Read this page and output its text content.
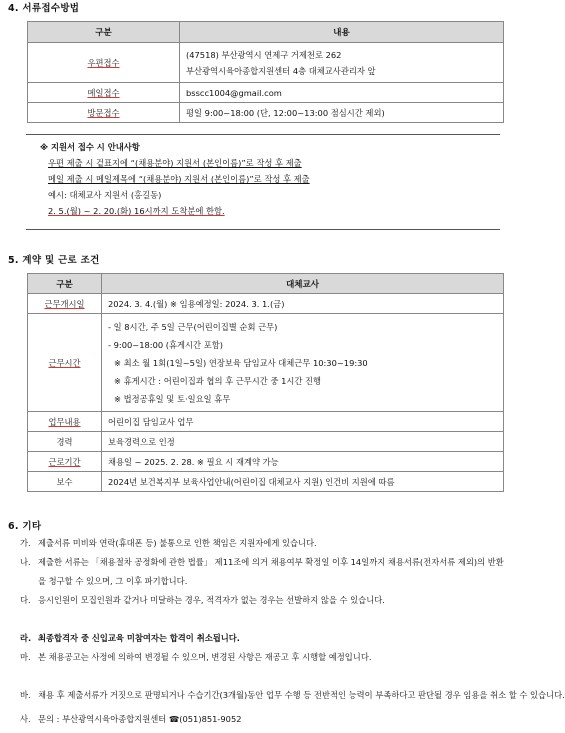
4. 서류접수방법
구분	내용
우편접수	(47518) 부산광역시 연제구 거제천로 262
부산광역시육아종합지원센터 4층 대체교사관리자 앞

메일접수	bsscc1004@gmail.com
방문접수	평일 9:00~18:00 (단, 12:00~13:00 점심시간 제외)
※ 지원서 접수 시 안내사항
우편 제출 시 겉표지에 “(채용분야) 지원서 (본인이름)”로 작성 후 제출
메일 제출 시 메일제목에 “(채용분야) 지원서 (본인이름)”로 작성 후 제출
예시: 대체교사 지원서 (홍길동)
2. 5.(월) ~ 2. 20.(화) 16시까지 도착분에 한함.
5. 계약 및 근로 조건
구분	대체교사
근무개시일	2024. 3. 4.(월) ※ 임용예정일: 2024. 3. 1.(금)
근무시간	- 일 8시간, 주 5일 근무(어린이집별 순회 근무)
- 9:00~18:00 (휴게시간 포함)
※ 최소 월 1회(1일~5일) 연장보육 담임교사 대체근무 10:30~19:30
※ 휴게시간 : 어린이집과 협의 후 근무시간 중 1시간 진행
※ 법정공휴일 및 토·일요일 휴무

업무내용	어린이집 담임교사 업무
경력	보육경력으로 인정
근로기간	채용일 ~ 2025. 2. 28. ※ 필요 시 재계약 가능
보수	2024년 보건복지부 보육사업안내(어린이집 대체교사 지원) 인건비 지원에 따름
6. 기타
가. 제출서류 미비와 연락(휴대폰 등) 불통으로 인한 책임은 지원자에게 있습니다.
나. 제출한 서류는 「채용절차 공정화에 관한 법률」 제11조에 의거 채용여부 확정일 이후 14일까지 채용서류(전자서류 제외)의 반환을 청구할 수 있으며, 그 이후 파기합니다.
다. 응시인원이 모집인원과 같거나 미달하는 경우, 적격자가 없는 경우는 선발하지 않을 수 있습니다.
라. 최종합격자 중 신입교육 미참여자는 합격이 취소됩니다.
마. 본 채용공고는 사정에 의하여 변경될 수 있으며, 변경된 사항은 재공고 후 시행할 예정입니다.
바. 채용 후 제출서류가 거짓으로 판명되거나 수습기간(3개월)동안 업무 수행 등 전반적인 능력이 부족하다고 판단될 경우 임용을 취소 할 수 있습니다.
사. 문의 : 부산광역시육아종합지원센터 ☎(051)851-9052
